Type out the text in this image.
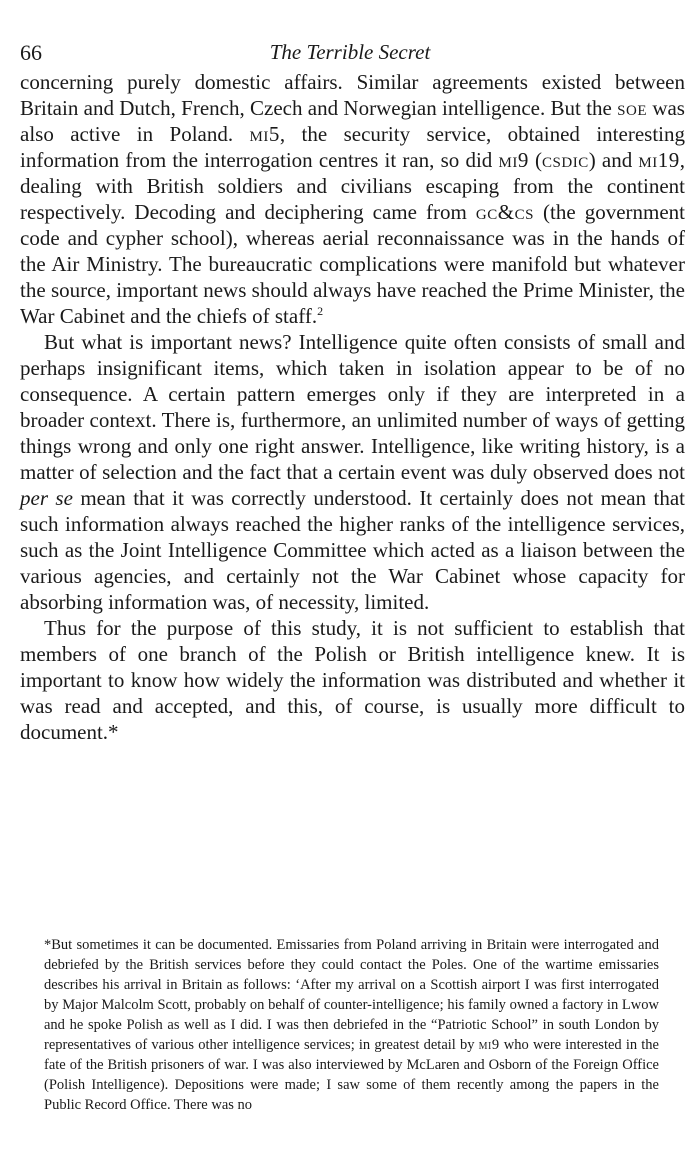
66	The Terrible Secret

concerning purely domestic affairs. Similar agreements existed between Britain and Dutch, French, Czech and Norwegian intelligence. But the soe was also active in Poland. mi5, the security service, obtained interesting information from the interrogation centres it ran, so did mi9 (csdic) and mi19, dealing with British soldiers and civilians escaping from the continent respectively. Decoding and deciphering came from gc&cs (the government code and cypher school), whereas aerial reconnaissance was in the hands of the Air Ministry. The bureaucratic complications were manifold but whatever the source, important news should always have reached the Prime Minister, the War Cabinet and the chiefs of staff.$^2$

But what is important news? Intelligence quite often consists of small and perhaps insignificant items, which taken in isolation appear to be of no consequence. A certain pattern emerges only if they are interpreted in a broader context. There is, furthermore, an unlimited number of ways of getting things wrong and only one right answer. Intelligence, like writing history, is a matter of selection and the fact that a certain event was duly observed does not per se mean that it was correctly understood. It certainly does not mean that such information always reached the higher ranks of the intelligence services, such as the Joint Intelligence Committee which acted as a liaison between the various agencies, and certainly not the War Cabinet whose capacity for absorbing information was, of necessity, limited.

Thus for the purpose of this study, it is not sufficient to establish that members of one branch of the Polish or British intelligence knew. It is important to know how widely the information was distributed and whether it was read and accepted, and this, of course, is usually more difficult to document.*

*But sometimes it can be documented. Emissaries from Poland arriving in Britain were interrogated and debriefed by the British services before they could contact the Poles. One of the wartime emissaries describes his arrival in Britain as follows: ‘After my arrival on a Scottish airport I was first interrogated by Major Malcolm Scott, probably on behalf of counter-intelligence; his family owned a factory in Lwow and he spoke Polish as well as I did. I was then debriefed in the “Patriotic School” in south London by representatives of various other intelligence services; in greatest detail by mi9 who were interested in the fate of the British prisoners of war. I was also interviewed by McLaren and Osborn of the Foreign Office (Polish Intelligence). Depositions were made; I saw some of them recently among the papers in the Public Record Office. There was no
